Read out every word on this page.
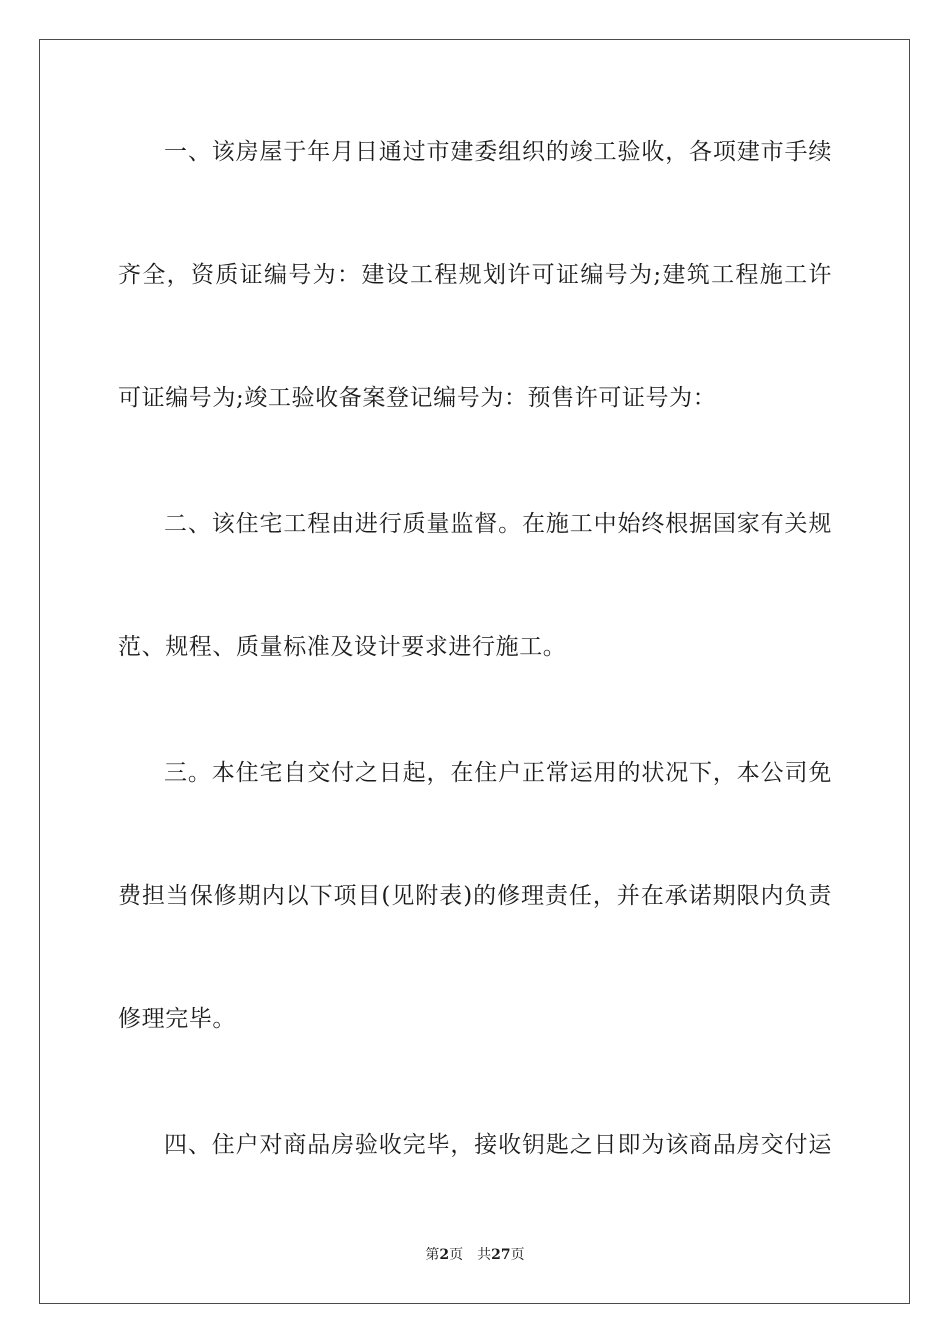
一、该房屋于年月日通过市建委组织的竣工验收，各项建市手续
齐全，资质证编号为：建设工程规划许可证编号为;建筑工程施工许
可证编号为;竣工验收备案登记编号为：预售许可证号为：
二、该住宅工程由进行质量监督。在施工中始终根据国家有关规
范、规程、质量标准及设计要求进行施工。
三。本住宅自交付之日起，在住户正常运用的状况下，本公司免
费担当保修期内以下项目(见附表)的修理责任，并在承诺期限内负责
修理完毕。
四、住户对商品房验收完毕，接收钥匙之日即为该商品房交付运
第2页 共27页
